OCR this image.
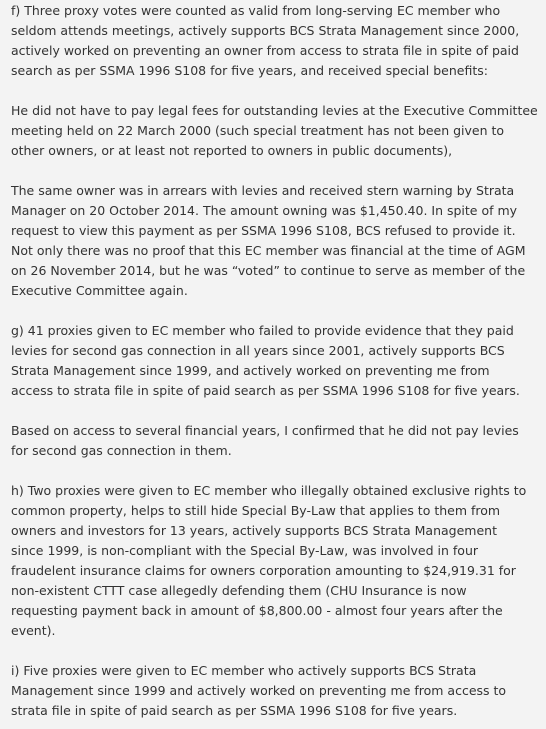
f) Three proxy votes were counted as valid from long-serving EC member who
seldom attends meetings, actively supports BCS Strata Management since 2000,
actively worked on preventing an owner from access to strata file in spite of paid
search as per SSMA 1996 S108 for five years, and received special benefits:
He did not have to pay legal fees for outstanding levies at the Executive Committee
meeting held on 22 March 2000 (such special treatment has not been given to
other owners, or at least not reported to owners in public documents),
The same owner was in arrears with levies and received stern warning by Strata
Manager on 20 October 2014. The amount owning was $1,450.40. In spite of my
request to view this payment as per SSMA 1996 S108, BCS refused to provide it.
Not only there was no proof that this EC member was financial at the time of AGM
on 26 November 2014, but he was “voted” to continue to serve as member of the
Executive Committee again.
g) 41 proxies given to EC member who failed to provide evidence that they paid
levies for second gas connection in all years since 2001, actively supports BCS
Strata Management since 1999, and actively worked on preventing me from
access to strata file in spite of paid search as per SSMA 1996 S108 for five years.
Based on access to several financial years, I confirmed that he did not pay levies
for second gas connection in them.
h) Two proxies were given to EC member who illegally obtained exclusive rights to
common property, helps to still hide Special By-Law that applies to them from
owners and investors for 13 years, actively supports BCS Strata Management
since 1999, is non-compliant with the Special By-Law, was involved in four
fraudelent insurance claims for owners corporation amounting to $24,919.31 for
non-existent CTTT case allegedly defending them (CHU Insurance is now
requesting payment back in amount of $8,800.00 - almost four years after the
event).
i) Five proxies were given to EC member who actively supports BCS Strata
Management since 1999 and actively worked on preventing me from access to
strata file in spite of paid search as per SSMA 1996 S108 for five years.
